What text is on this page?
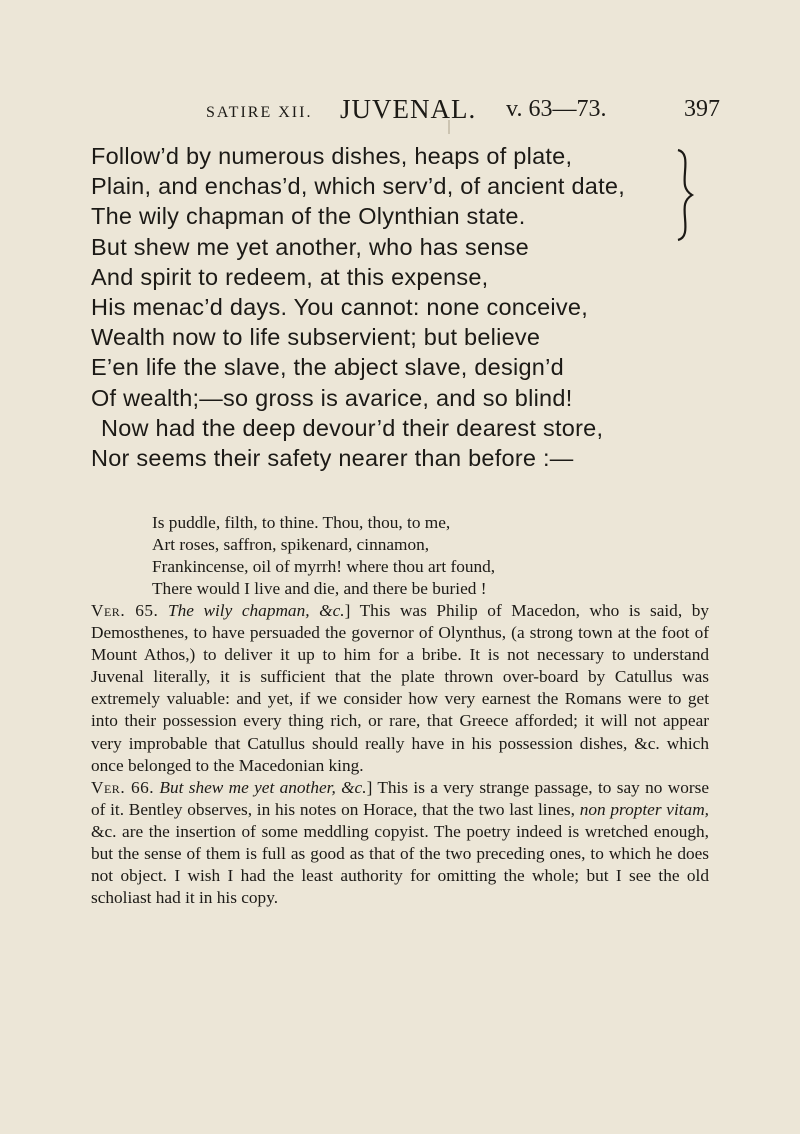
SATIRE XII. JUVENAL. v. 63—73.	397
Follow’d by numerous dishes, heaps of plate,
Plain, and enchas’d, which serv’d, of ancient date,
The wily chapman of the Olynthian state.
But shew me yet another, who has sense
And spirit to redeem, at this expense,
His menac’d days. You cannot: none conceive,
Wealth now to life subservient; but believe
E’en life the slave, the abject slave, design’d
Of wealth;—so gross is avarice, and so blind!
Now had the deep devour’d their dearest store,
Nor seems their safety nearer than before :—
Is puddle, filth, to thine. Thou, thou, to me,
Art roses, saffron, spikenard, cinnamon,
Frankincense, oil of myrrh! where thou art found,
There would I live and die, and there be buried !

Ver. 65. The wily chapman, &c.] This was Philip of Macedon, who is said, by Demosthenes, to have persuaded the governor of Olynthus, (a strong town at the foot of Mount Athos,) to deliver it up to him for a bribe. It is not necessary to understand Juvenal literally, it is sufficient that the plate thrown over-board by Catullus was extremely valuable: and yet, if we consider how very earnest the Romans were to get into their possession every thing rich, or rare, that Greece afforded; it will not appear very improbable that Catullus should really have in his possession dishes, &c. which once belonged to the Macedonian king.

Ver. 66. But shew me yet another, &c.] This is a very strange passage, to say no worse of it. Bentley observes, in his notes on Horace, that the two last lines, non propter vitam, &c. are the insertion of some meddling copyist. The poetry indeed is wretched enough, but the sense of them is full as good as that of the two preceding ones, to which he does not object. I wish I had the least authority for omitting the whole; but I see the old scholiast had it in his copy.
